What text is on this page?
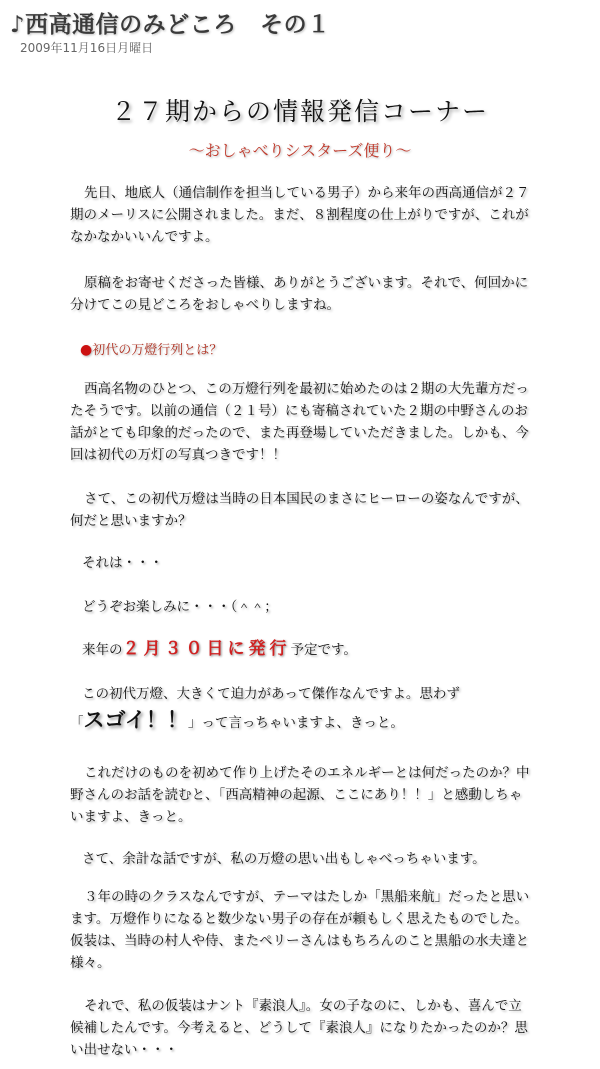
♪西高通信のみどころ　その１
2009年11月16日月曜日
２７期からの情報発信コーナー
〜おしゃべりシスターズ便り〜
先日、地底人（通信制作を担当している男子）から来年の西高通信が２７
期のメーリスに公開されました。まだ、８割程度の仕上がりですが、これが
なかなかいいんですよ。
原稿をお寄せくださった皆様、ありがとうございます。それで、何回かに
分けてこの見どころをおしゃべりしますね。
●初代の万燈行列とは？
西高名物のひとつ、この万燈行列を最初に始めたのは２期の大先輩方だっ
たそうです。以前の通信（２１号）にも寄稿されていた２期の中野さんのお
話がとても印象的だったので、また再登場していただきました。しかも、今
回は初代の万灯の写真つきです！！
さて、この初代万燈は当時の日本国民のまさにヒーローの姿なんですが、
何だと思いますか？
それは・・・
どうぞお楽しみに・・・（＾＾；
来年の２月３０日に発行予定です。
この初代万燈、大きくて迫力があって傑作なんですよ。思わず
「スゴイ！！」って言っちゃいますよ、きっと。
これだけのものを初めて作り上げたそのエネルギーとは何だったのか？中
野さんのお話を読むと、「西高精神の起源、ここにあり！！」と感動しちゃ
いますよ、きっと。
さて、余計な話ですが、私の万燈の思い出もしゃべっちゃいます。
３年の時のクラスなんですが、テーマはたしか「黒船来航」だったと思い
ます。万燈作りになると数少ない男子の存在が頼もしく思えたものでした。
仮装は、当時の村人や侍、またペリーさんはもちろんのこと黒船の水夫達と
様々。
それで、私の仮装はナント『素浪人』。女の子なのに、しかも、喜んで立
候補したんです。今考えると、どうして『素浪人』になりたかったのか？思
い出せない・・・
